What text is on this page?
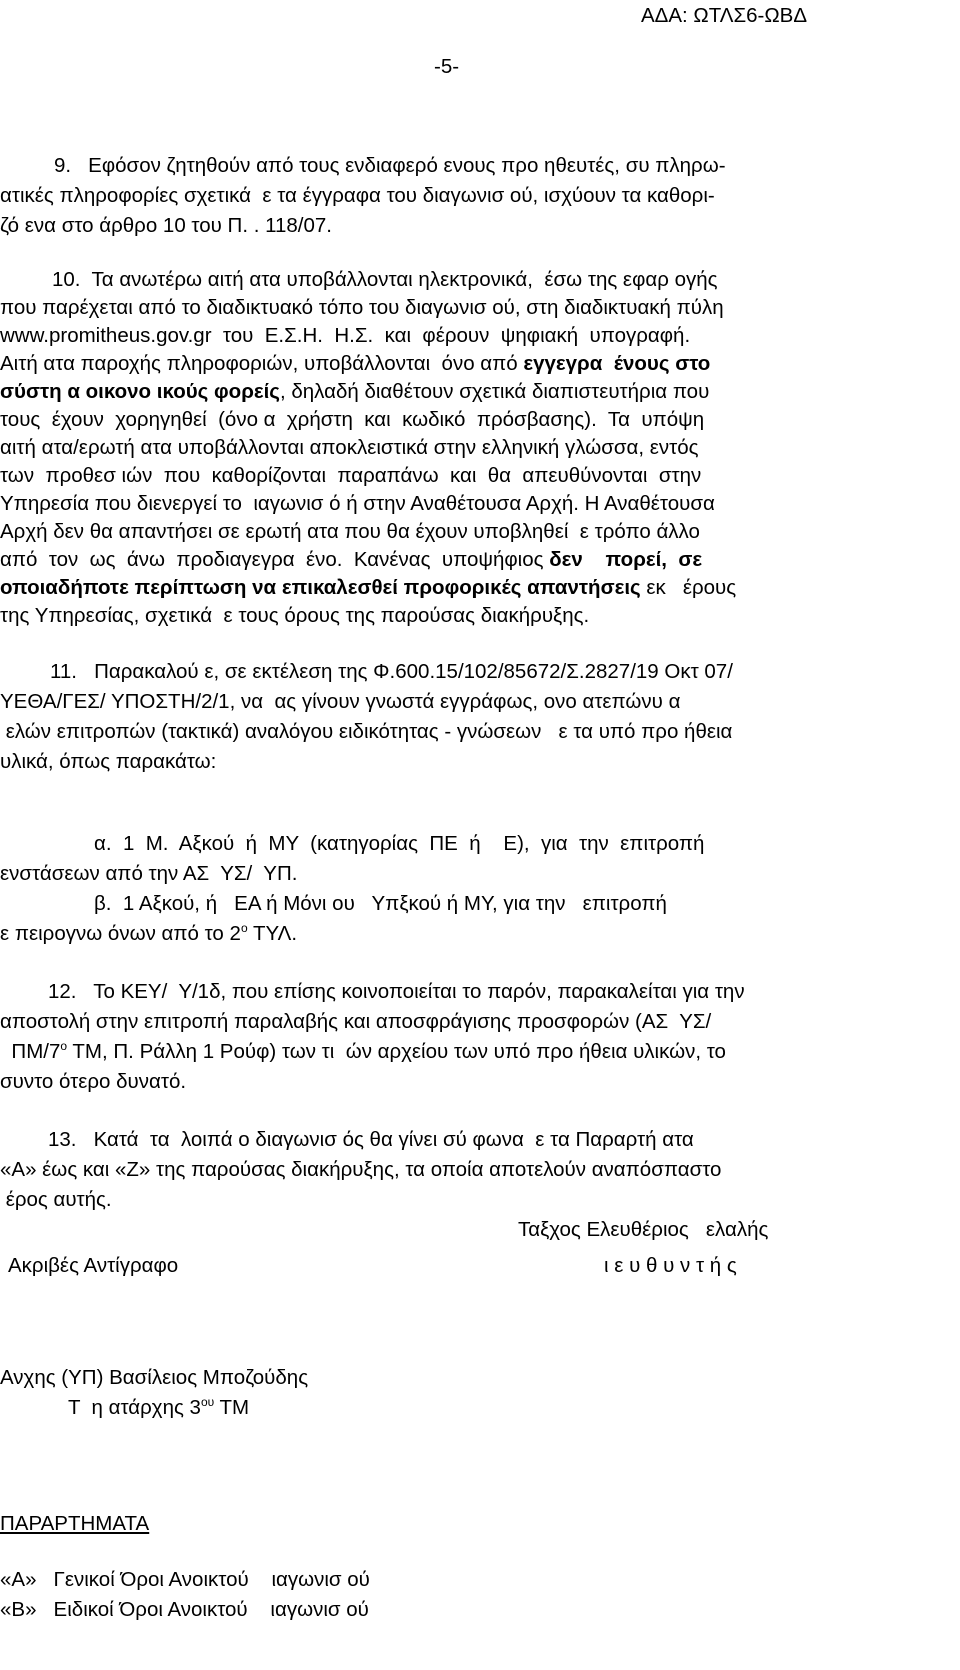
ΑΔΑ: ΩΤΛΣ6-ΩΒΔ
-5-
9.   Εφόσον ζητηθούν από τους ενδιαφερό ενους προ ηθευτές, συ πληρω-
ατικές πληροφορίες σχετικά  ε τα έγγραφα του διαγωνισ ού, ισχύουν τα καθορι-
ζό ενα στο άρθρο 10 του Π. . 118/07.
10.  Τα ανωτέρω αιτή ατα υποβάλλονται ηλεκτρονικά,  έσω της εφαρ ογής
που παρέχεται από το διαδικτυακό τόπο του διαγωνισ ού, στη διαδικτυακή πύλη
www.promitheus.gov.gr  του  Ε.Σ.Η.  Η.Σ.  και  φέρουν  ψηφιακή  υπογραφή.
Αιτή ατα παροχής πληροφοριών, υποβάλλονται  όνο από εγγεγρα  ένους στο
σύστη α οικονο ικούς φορείς, δηλαδή διαθέτουν σχετικά διαπιστευτήρια που
τους  έχουν  χορηγηθεί  (όνο α  χρήστη  και  κωδικό  πρόσβασης).  Τα  υπόψη
αιτή ατα/ερωτή ατα υποβάλλονται αποκλειστικά στην ελληνική γλώσσα, εντός
των  προθεσ ιών  που  καθορίζονται  παραπάνω  και  θα  απευθύνονται  στην
Υπηρεσία που διενεργεί το  ιαγωνισ ό ή στην Αναθέτουσα Αρχή. Η Αναθέτουσα
Αρχή δεν θα απαντήσει σε ερωτή ατα που θα έχουν υποβληθεί  ε τρόπο άλλο
από  τον  ως  άνω  προδιαγεγρα  ένο.  Κανένας  υποψήφιος δεν    πορεί,  σε
οποιαδήποτε περίπτωση να επικαλεσθεί προφορικές απαντήσεις εκ   έρους
της Υπηρεσίας, σχετικά  ε τους όρους της παρούσας διακήρυξης.
11.   Παρακαλού ε, σε εκτέλεση της Φ.600.15/102/85672/Σ.2827/19 Οκτ 07/
ΥΕΘΑ/ΓΕΣ/ ΥΠΟΣΤΗ/2/1, να  ας γίνουν γνωστά εγγράφως, ονο ατεπώνυ α
ελών επιτροπών (τακτικά) αναλόγου ειδικότητας - γνώσεων   ε τα υπό προ ήθεια
υλικά, όπως παρακάτω:
α.  1  Μ.  Αξκού  ή  ΜΥ  (κατηγορίας  ΠΕ  ή    Ε),  για  την  επιτροπή
ενστάσεων από την ΑΣ  ΥΣ/  ΥΠ.
β.  1 Αξκού, ή   ΕΑ ή Μόνι ου   Υπξκού ή ΜΥ, για την   επιτροπή
ε πειρογνω όνων από το $2^o$ ΤΥΛ.
12.   Το ΚΕΥ/  Υ/1δ, που επίσης κοινοποιείται το παρόν, παρακαλείται για την
αποστολή στην επιτροπή παραλαβής και αποσφράγισης προσφορών (ΑΣ  ΥΣ/
$\Pi M/7^o$ ΤΜ, Π. Ράλλη 1 Ρούφ) των τι  ών αρχείου των υπό προ ήθεια υλικών, το
συντο ότερο δυνατό.
13.   Κατά  τα  λοιπά ο διαγωνισ ός θα γίνει σύ φωνα  ε τα Παραρτή ατα
«Α» έως και «Ζ» της παρούσας διακήρυξης, τα οποία αποτελούν αναπόσπαστο
έρος αυτής.
Ταξχος Ελευθέριος   ελαλής
Ακριβές Αντίγραφο	ι ε υ θ υ ν τ ή ς
Ανχης (ΥΠ) Βασίλειος Μποζούδης
Τ  η ατάρχης $3^{o\upsilon}$ ΤΜ
ΠΑΡΑΡΤΗΜΑΤΑ
«Α»   Γενικοί Όροι Ανοικτού    ιαγωνισ ού
«Β»   Ειδικοί Όροι Ανοικτού    ιαγωνισ ού
